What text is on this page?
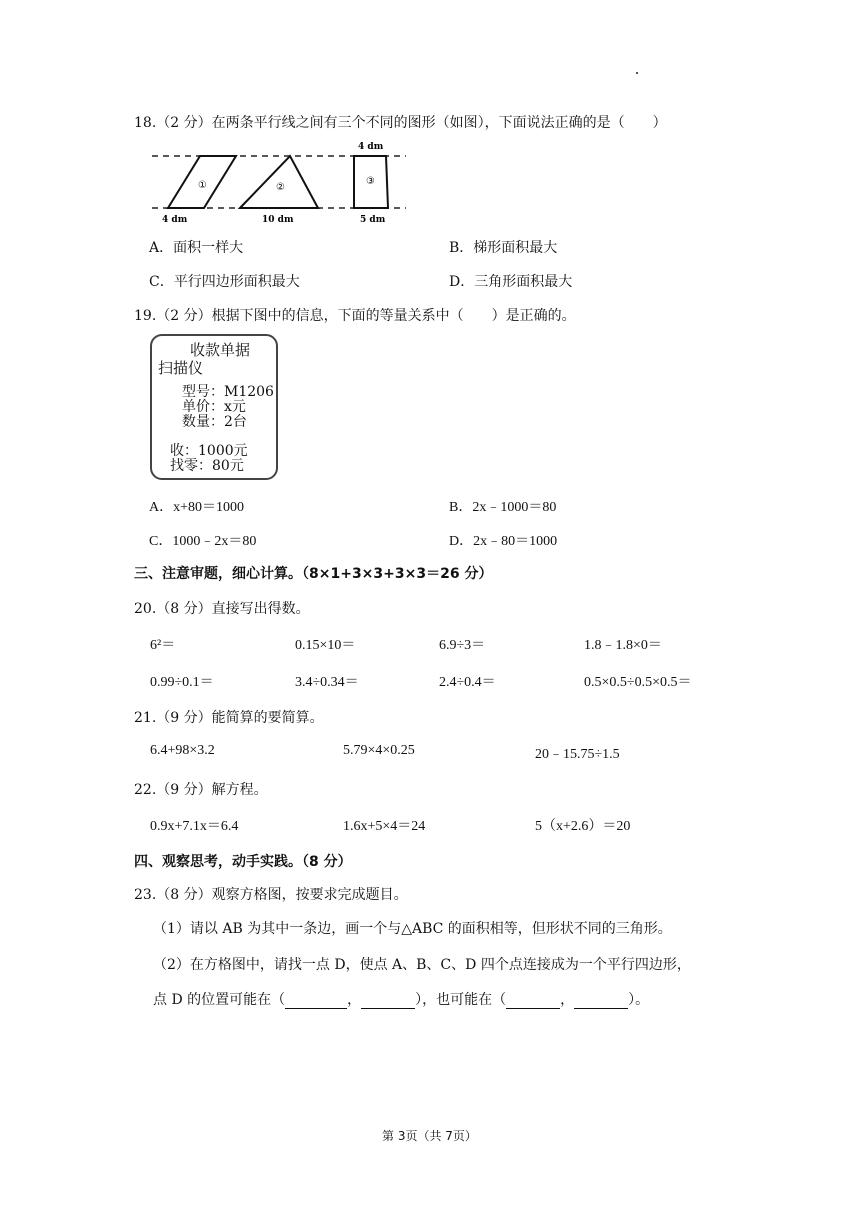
18.（2 分）在两条平行线之间有三个不同的图形（如图），下面说法正确的是（　　）
①	②
③
4 dm
4 dm	10 dm	5 dm
A．面积一样大	B．梯形面积最大
C．平行四边形面积最大	D．三角形面积最大
19.（2 分）根据下图中的信息，下面的等量关系中（　　）是正确的。
收款单据
扫描仪
型号：M1206
单价：x元
数量：2台
收：1000元
找零：80元
A．x+80＝1000	B．2x﹣1000＝80
C．1000﹣2x＝80	D．2x﹣80＝1000
三、注意审题，细心计算。（8×1+3×3+3×3＝26 分）
20.（8 分）直接写出得数。
6²＝	0.15×10＝	6.9÷3＝	1.8﹣1.8×0＝
0.99÷0.1＝	3.4÷0.34＝	2.4÷0.4＝	0.5×0.5÷0.5×0.5＝
21.（9 分）能简算的要简算。
6.4+98×3.2	5.79×4×0.25	20﹣15.75÷1.5
22.（9 分）解方程。
0.9x+7.1x＝6.4	1.6x+5×4＝24	5（x+2.6）＝20
四、观察思考，动手实践。（8 分）
23.（8 分）观察方格图，按要求完成题目。
（1）请以 AB 为其中一条边，画一个与△ABC 的面积相等，但形状不同的三角形。
（2）在方格图中，请找一点 D，使点 A、B、C、D 四个点连接成为一个平行四边形，
点 D 的位置可能在（	，	），也可能在（	，	）。
第 3页（共 7页）
